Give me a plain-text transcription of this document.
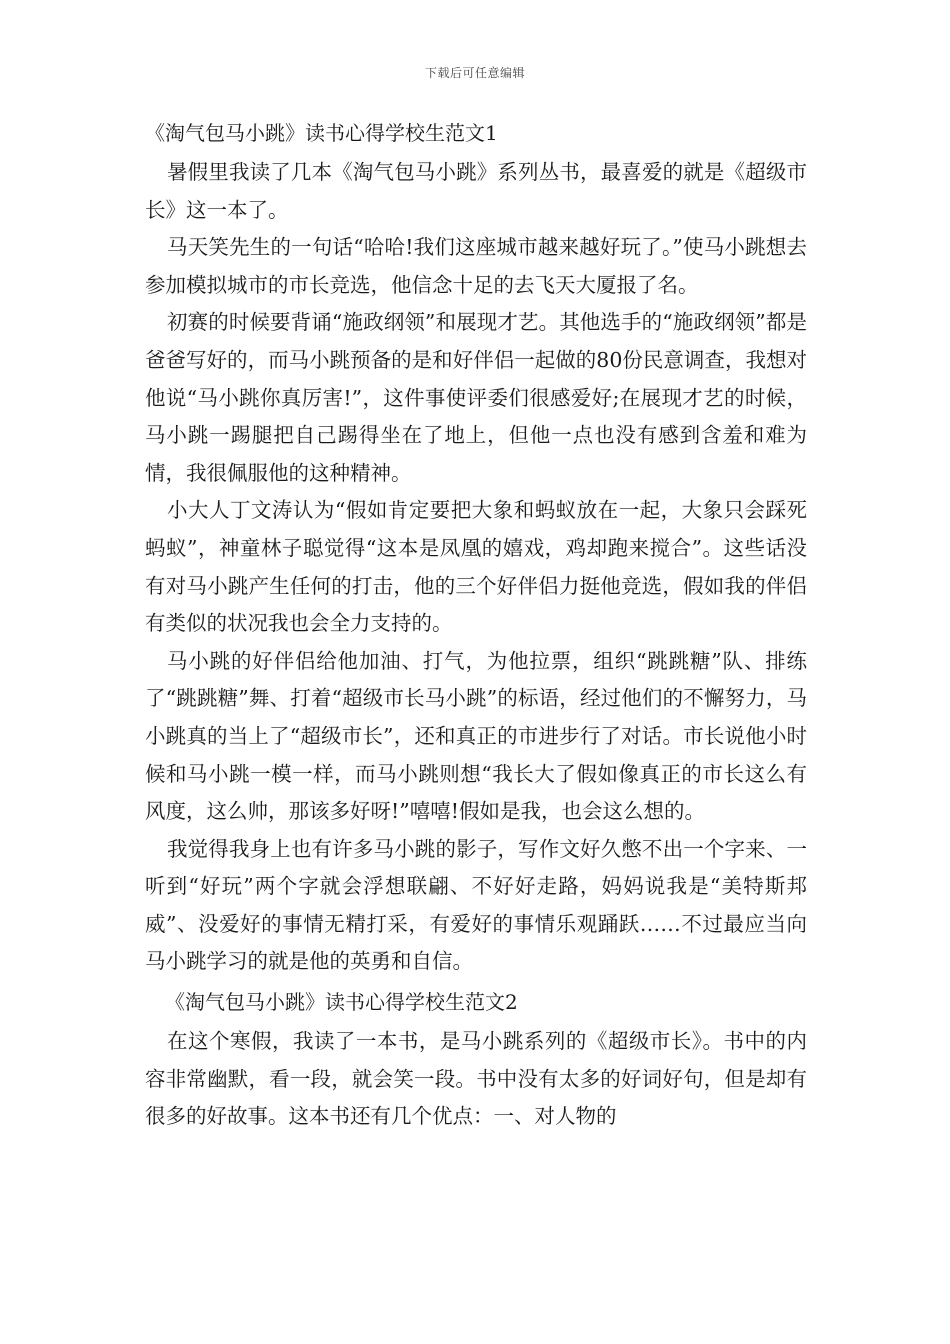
下载后可任意编辑
《淘气包马小跳》读书心得学校生范文1

暑假里我读了几本《淘气包马小跳》系列丛书，最喜爱的就是《超级市长》这一本了。

马天笑先生的一句话“哈哈!我们这座城市越来越好玩了。”使马小跳想去参加模拟城市的市长竞选，他信念十足的去飞天大厦报了名。

初赛的时候要背诵“施政纲领”和展现才艺。其他选手的“施政纲领”都是爸爸写好的，而马小跳预备的是和好伴侣一起做的80份民意调查，我想对他说“马小跳你真厉害!”，这件事使评委们很感爱好;在展现才艺的时候，马小跳一踢腿把自己踢得坐在了地上，但他一点也没有感到含羞和难为情，我很佩服他的这种精神。

小大人丁文涛认为“假如肯定要把大象和蚂蚁放在一起，大象只会踩死蚂蚁”，神童林子聪觉得“这本是凤凰的嬉戏，鸡却跑来搅合”。这些话没有对马小跳产生任何的打击，他的三个好伴侣力挺他竞选，假如我的伴侣有类似的状况我也会全力支持的。

马小跳的好伴侣给他加油、打气，为他拉票，组织“跳跳糖”队、排练了“跳跳糖”舞、打着“超级市长马小跳”的标语，经过他们的不懈努力，马小跳真的当上了“超级市长”，还和真正的市进步行了对话。市长说他小时候和马小跳一模一样，而马小跳则想“我长大了假如像真正的市长这么有风度，这么帅，那该多好呀!”嘻嘻!假如是我，也会这么想的。

我觉得我身上也有许多马小跳的影子，写作文好久憋不出一个字来、一听到“好玩”两个字就会浮想联翩、不好好走路，妈妈说我是“美特斯邦威”、没爱好的事情无精打采，有爱好的事情乐观踊跃……不过最应当向马小跳学习的就是他的英勇和自信。

《淘气包马小跳》读书心得学校生范文2

在这个寒假，我读了一本书，是马小跳系列的《超级市长》。书中的内容非常幽默，看一段，就会笑一段。书中没有太多的好词好句，但是却有很多的好故事。这本书还有几个优点：一、对人物的
